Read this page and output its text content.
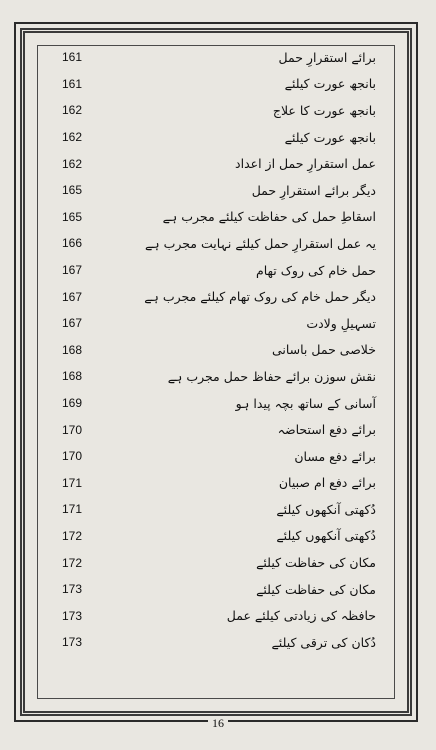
161	برائے استقرارِ حمل
161	بانجھ عورت کیلئے
162	بانجھ عورت کا علاج
162	بانجھ عورت کیلئے
162	عمل استقرارِ حمل از اعداد
165	دیگر برائے استقرارِ حمل
165	اسقاطِ حمل کی حفاظت کیلئے مجرب ہے
166	یہ عمل استقرارِ حمل کیلئے نہایت مجرب ہے
167	حمل خام کی روک تھام
167	دیگر حمل خام کی روک تھام کیلئے مجرب ہے
167	تسہیلِ ولادت
168	خلاصی حمل باسانی
168	نقش سوزن برائے حفاظ حمل مجرب ہے
169	آسانی کے ساتھ بچہ پیدا ہو
170	برائے دفع استحاضہ
170	برائے دفع مسان
171	برائے دفع ام صبیان
171	دُکھتی آنکھوں کیلئے
172	دُکھتی آنکھوں کیلئے
172	مکان کی حفاظت کیلئے
173	مکان کی حفاظت کیلئے
173	حافظہ کی زیادتی کیلئے عمل
173	دُکان کی ترقی کیلئے
16
